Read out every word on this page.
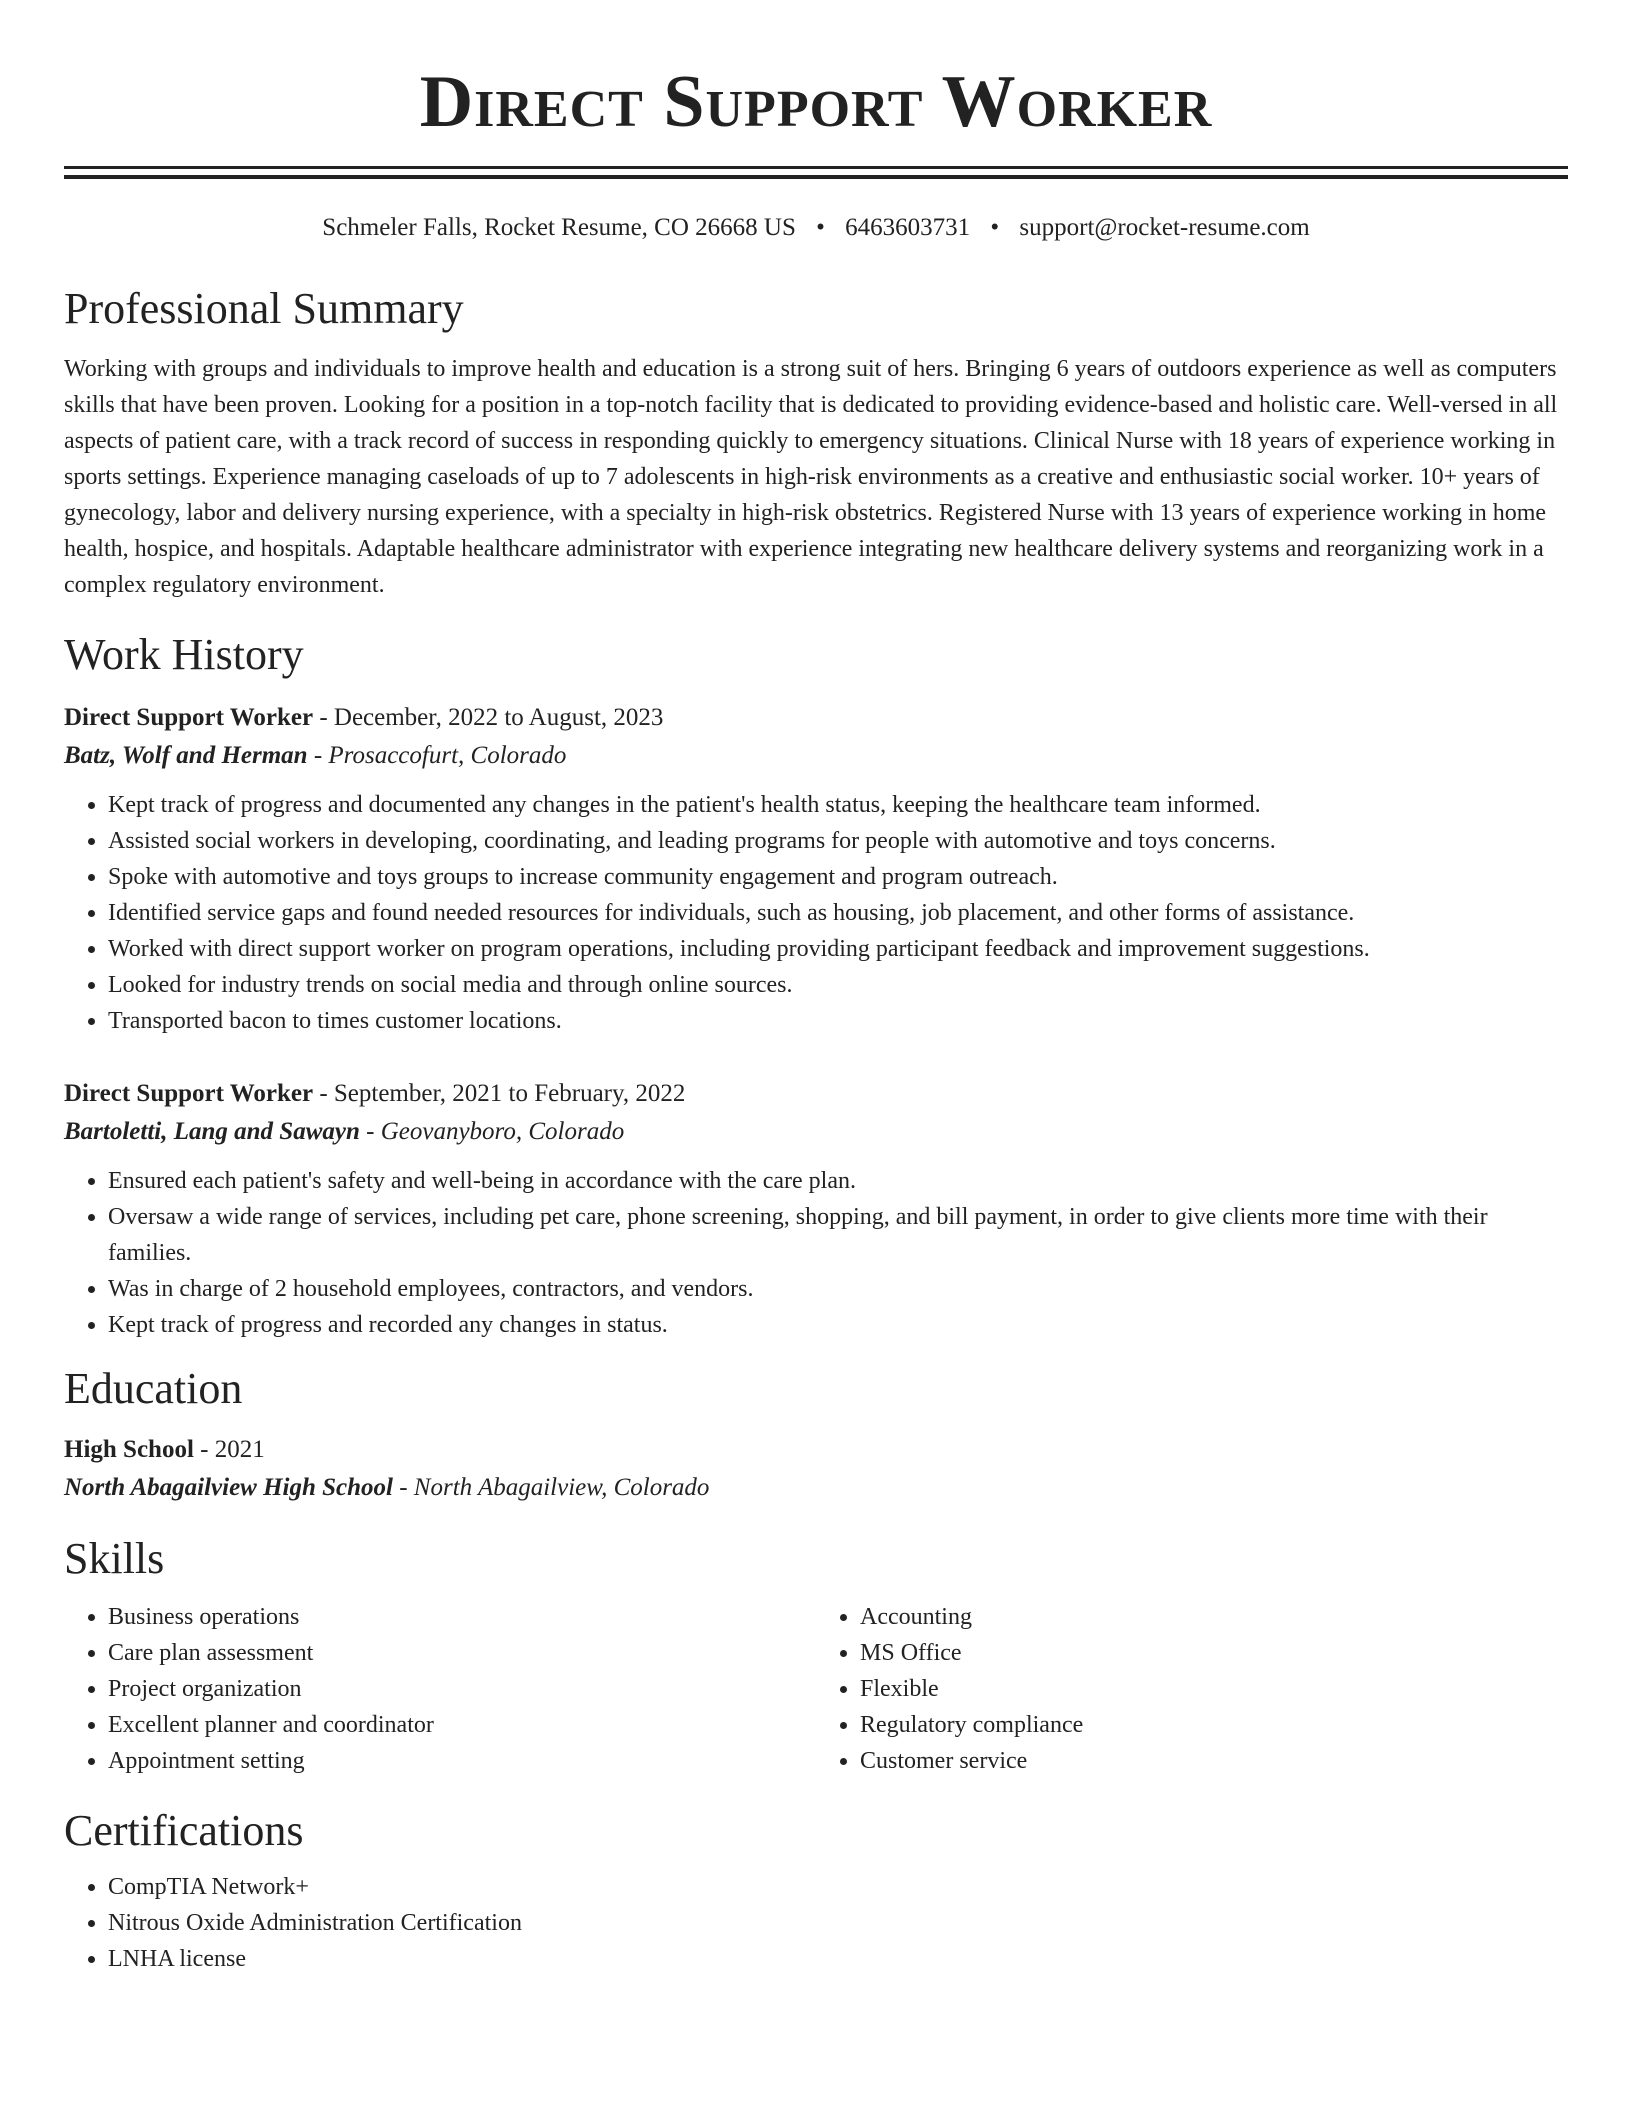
Direct Support Worker
Schmeler Falls, Rocket Resume, CO 26668 US • 6463603731 • support@rocket-resume.com
Professional Summary

Working with groups and individuals to improve health and education is a strong suit of hers. Bringing 6 years of outdoors experience as well as computers skills that have been proven. Looking for a position in a top-notch facility that is dedicated to providing evidence-based and holistic care. Well-versed in all aspects of patient care, with a track record of success in responding quickly to emergency situations. Clinical Nurse with 18 years of experience working in sports settings. Experience managing caseloads of up to 7 adolescents in high-risk environments as a creative and enthusiastic social worker. 10+ years of gynecology, labor and delivery nursing experience, with a specialty in high-risk obstetrics. Registered Nurse with 13 years of experience working in home health, hospice, and hospitals. Adaptable healthcare administrator with experience integrating new healthcare delivery systems and reorganizing work in a complex regulatory environment.

Work History
Direct Support Worker - December, 2022 to August, 2023
Batz, Wolf and Herman - Prosaccofurt, Colorado
• Kept track of progress and documented any changes in the patient's health status, keeping the healthcare team informed.
• Assisted social workers in developing, coordinating, and leading programs for people with automotive and toys concerns.
• Spoke with automotive and toys groups to increase community engagement and program outreach.
• Identified service gaps and found needed resources for individuals, such as housing, job placement, and other forms of assistance.
• Worked with direct support worker on program operations, including providing participant feedback and improvement suggestions.
• Looked for industry trends on social media and through online sources.
• Transported bacon to times customer locations.
Direct Support Worker - September, 2021 to February, 2022
Bartoletti, Lang and Sawayn - Geovanyboro, Colorado
• Ensured each patient's safety and well-being in accordance with the care plan.
• Oversaw a wide range of services, including pet care, phone screening, shopping, and bill payment, in order to give clients more time with their families.
• Was in charge of 2 household employees, contractors, and vendors.
• Kept track of progress and recorded any changes in status.
Education
High School - 2021
North Abagailview High School - North Abagailview, Colorado
Skills
• Business operations
• Care plan assessment
• Project organization
• Excellent planner and coordinator
• Appointment setting
• Accounting
• MS Office
• Flexible
• Regulatory compliance
• Customer service
Certifications
• CompTIA Network+
• Nitrous Oxide Administration Certification
• LNHA license
